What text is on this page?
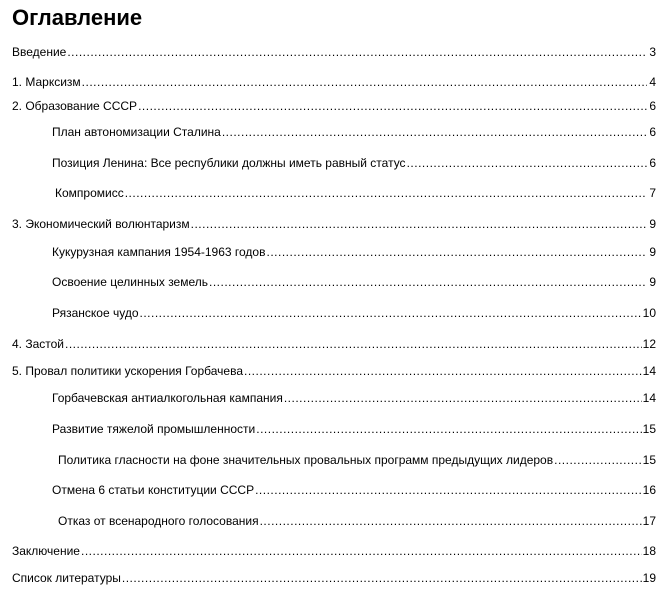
Оглавление
Введение .....	3
1. Марксизм .....	4
2. Образование СССР .....	6
План автономизации Сталина .....	6
Позиция Ленина: Все республики должны иметь равный статус .....	6
Компромисс .....	7
3. Экономический волюнтаризм .....	9
Кукурузная кампания 1954-1963 годов .....	9
Освоение целинных земель .....	9
Рязанское чудо .....	10
4. Застой .....	12
5. Провал политики ускорения Горбачева .....	14
Горбачевская антиалкогольная кампания .....	14
Развитие тяжелой промышленности .....	15
Политика гласности на фоне значительных провальных программ предыдущих лидеров .....	15
Отмена 6 статьи конституции СССР .....	16
Отказ от всенародного голосования .....	17
Заключение .....	18
Список литературы .....	19
